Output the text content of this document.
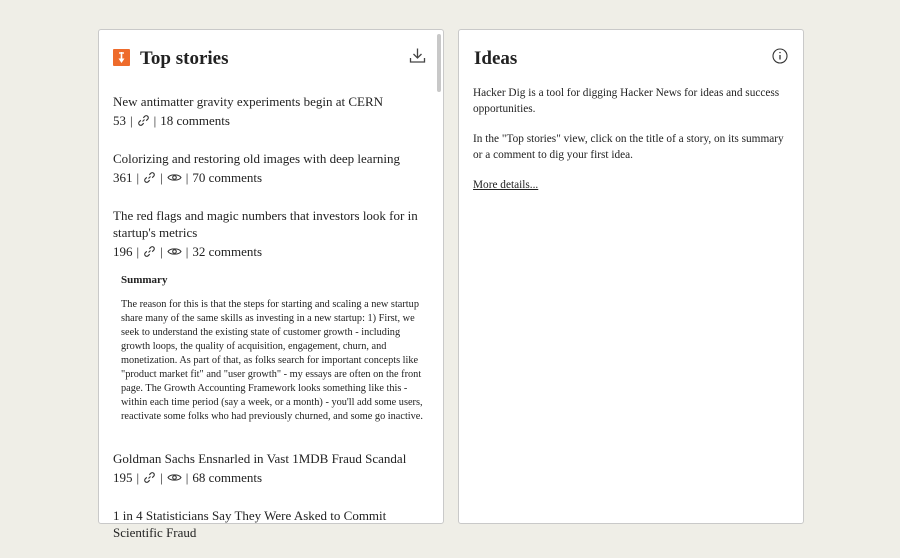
Top stories
New antimatter gravity experiments begin at CERN
53 | | 18 comments
Colorizing and restoring old images with deep learning
361 | | | 70 comments
The red flags and magic numbers that investors look for in startup's metrics
196 | | | 32 comments
Summary
The reason for this is that the steps for starting and scaling a new startup share many of the same skills as investing in a new startup: 1) First, we seek to understand the existing state of customer growth - including growth loops, the quality of acquisition, engagement, churn, and monetization. As part of that, as folks search for important concepts like "product market fit" and "user growth" - my essays are often on the front page. The Growth Accounting Framework looks something like this - within each time period (say a week, or a month) - you'll add some users, reactivate some folks who had previously churned, and some go inactive.
Goldman Sachs Ensnarled in Vast 1MDB Fraud Scandal
195 | | | 68 comments
1 in 4 Statisticians Say They Were Asked to Commit Scientific Fraud
Ideas

Hacker Dig is a tool for digging Hacker News for ideas and success opportunities.

In the "Top stories" view, click on the title of a story, on its summary or a comment to dig your first idea.

More details...
